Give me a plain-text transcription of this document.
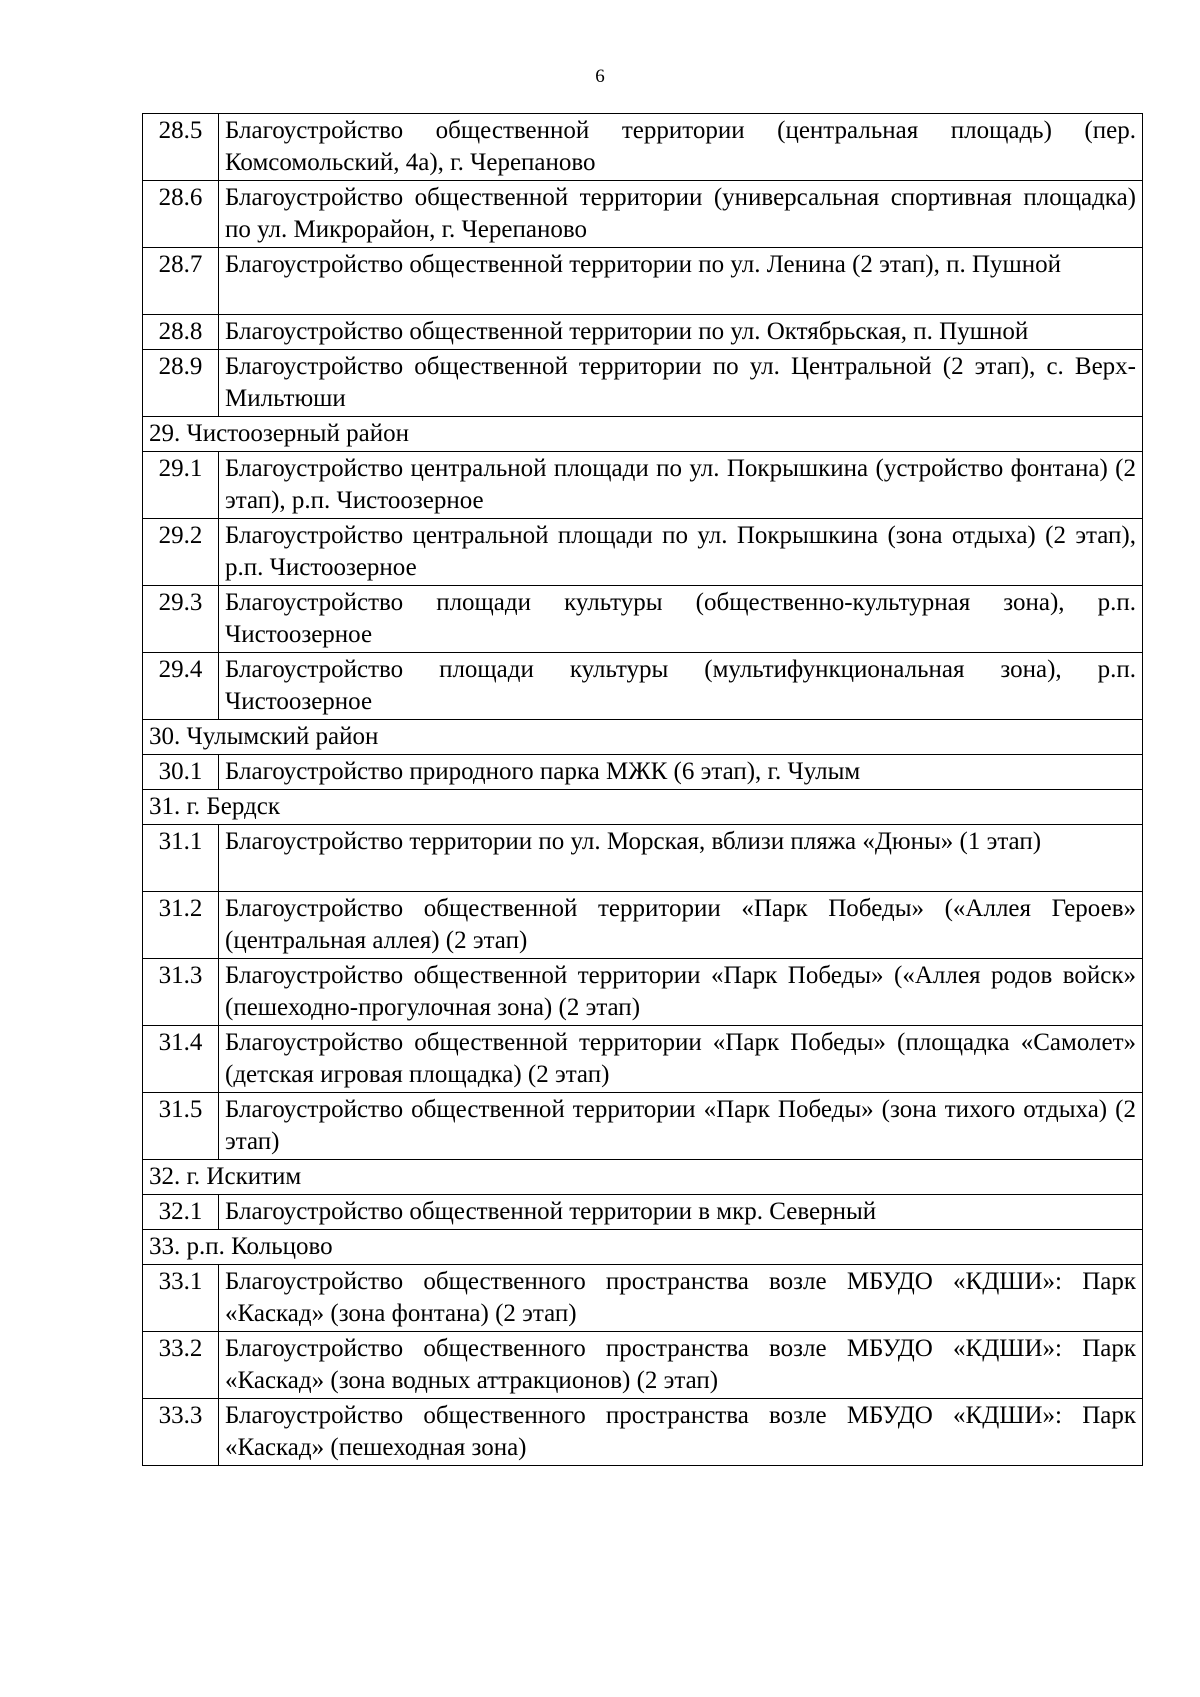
6
28.5	Благоустройство общественной территории (центральная площадь) (пер. Комсомольский, 4а), г. Черепаново
28.6	Благоустройство общественной территории (универсальная спортивная площадка) по ул. Микрорайон, г. Черепаново
28.7	Благоустройство общественной территории по ул. Ленина (2 этап), п. Пушной
28.8	Благоустройство общественной территории по ул. Октябрьская, п. Пушной
28.9	Благоустройство общественной территории по ул. Центральной (2 этап), с. Верх-Мильтюши
29. Чистоозерный район	
29.1	Благоустройство центральной площади по ул. Покрышкина (устройство фонтана) (2 этап), р.п. Чистоозерное
29.2	Благоустройство центральной площади по ул. Покрышкина (зона отдыха) (2 этап), р.п. Чистоозерное
29.3	Благоустройство площади культуры (общественно-культурная зона), р.п. Чистоозерное
29.4	Благоустройство площади культуры (мультифункциональная зона), р.п. Чистоозерное
30. Чулымский район	
30.1	Благоустройство природного парка МЖК (6 этап), г. Чулым
31. г. Бердск	
31.1	Благоустройство территории по ул. Морская, вблизи пляжа «Дюны» (1 этап)
31.2	Благоустройство общественной территории «Парк Победы» («Аллея Героев» (центральная аллея) (2 этап)
31.3	Благоустройство общественной территории «Парк Победы» («Аллея родов войск» (пешеходно-прогулочная зона) (2 этап)
31.4	Благоустройство общественной территории «Парк Победы» (площадка «Самолет» (детская игровая площадка) (2 этап)
31.5	Благоустройство общественной территории «Парк Победы» (зона тихого отдыха) (2 этап)
32. г. Искитим	
32.1	Благоустройство общественной территории в мкр. Северный
33. р.п. Кольцово	
33.1	Благоустройство общественного пространства возле МБУДО «КДШИ»: Парк «Каскад» (зона фонтана) (2 этап)
33.2	Благоустройство общественного пространства возле МБУДО «КДШИ»: Парк «Каскад» (зона водных аттракционов) (2 этап)
33.3	Благоустройство общественного пространства возле МБУДО «КДШИ»: Парк «Каскад» (пешеходная зона)
